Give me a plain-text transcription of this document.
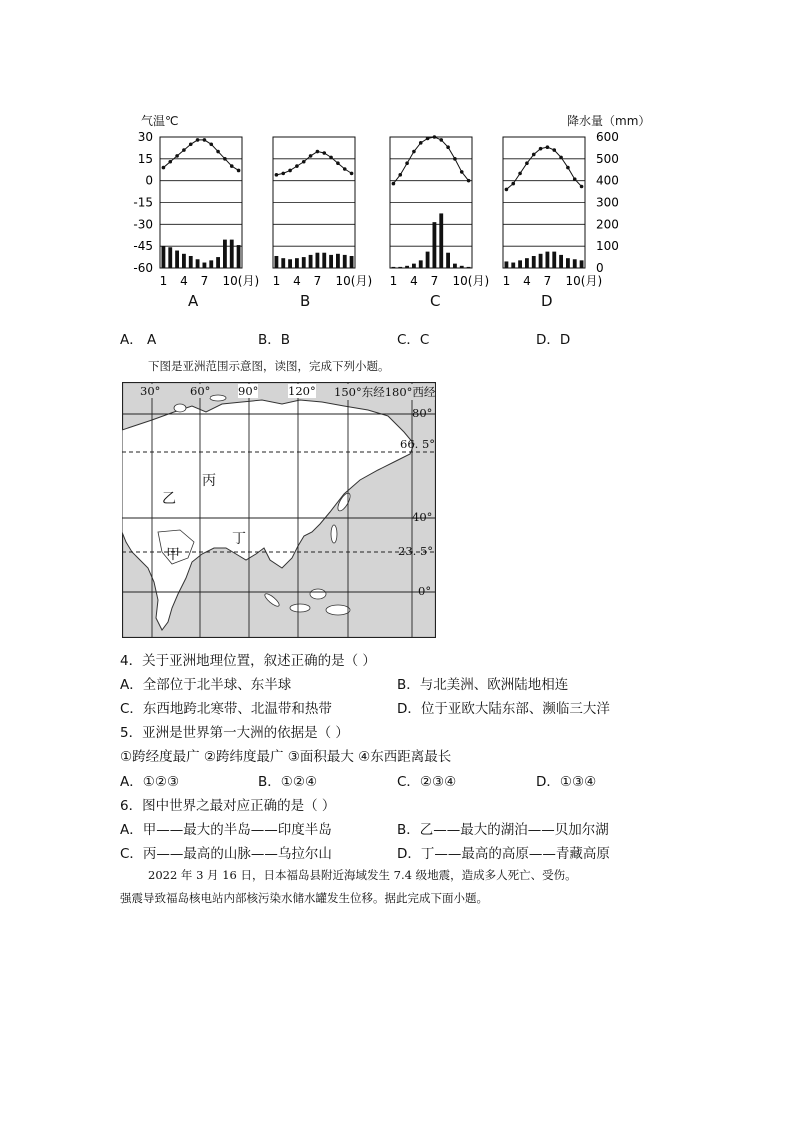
气温℃	降水量（mm）
30
15
0
-15
-30
-45
-60
600
500
400
300
200
100
0
1 4 7 10(月) 1 4 7 10(月) 1 4 7 10(月) 1 4 7 10(月)
A	B	C	D
A． A	B．B	C．C	D．D
下图是亚洲范围示意图，读图，完成下列小题。
30°	60° 90°	120° 150°东经180°西经
80°
66. 5°
40°
23. 5°
0°
丙
乙
甲
丁
4．关于亚洲地理位置，叙述正确的是（ ）
A．全部位于北半球、东半球	B．与北美洲、欧洲陆地相连
C．东西地跨北寒带、北温带和热带	D．位于亚欧大陆东部、濒临三大洋
5．亚洲是世界第一大洲的依据是（ ）
①跨经度最广 ②跨纬度最广 ③面积最大 ④东西距离最长
A．①②③	B．①②④	C．②③④	D．①③④
6．图中世界之最对应正确的是（ ）
A．甲——最大的半岛——印度半岛	B．乙——最大的湖泊——贝加尔湖
C．丙——最高的山脉——乌拉尔山	D．丁——最高的高原——青藏高原
2022 年 3 月 16 日，日本福岛县附近海域发生 7.4 级地震，造成多人死亡、受伤。
强震导致福岛核电站内部核污染水储水罐发生位移。据此完成下面小题。
